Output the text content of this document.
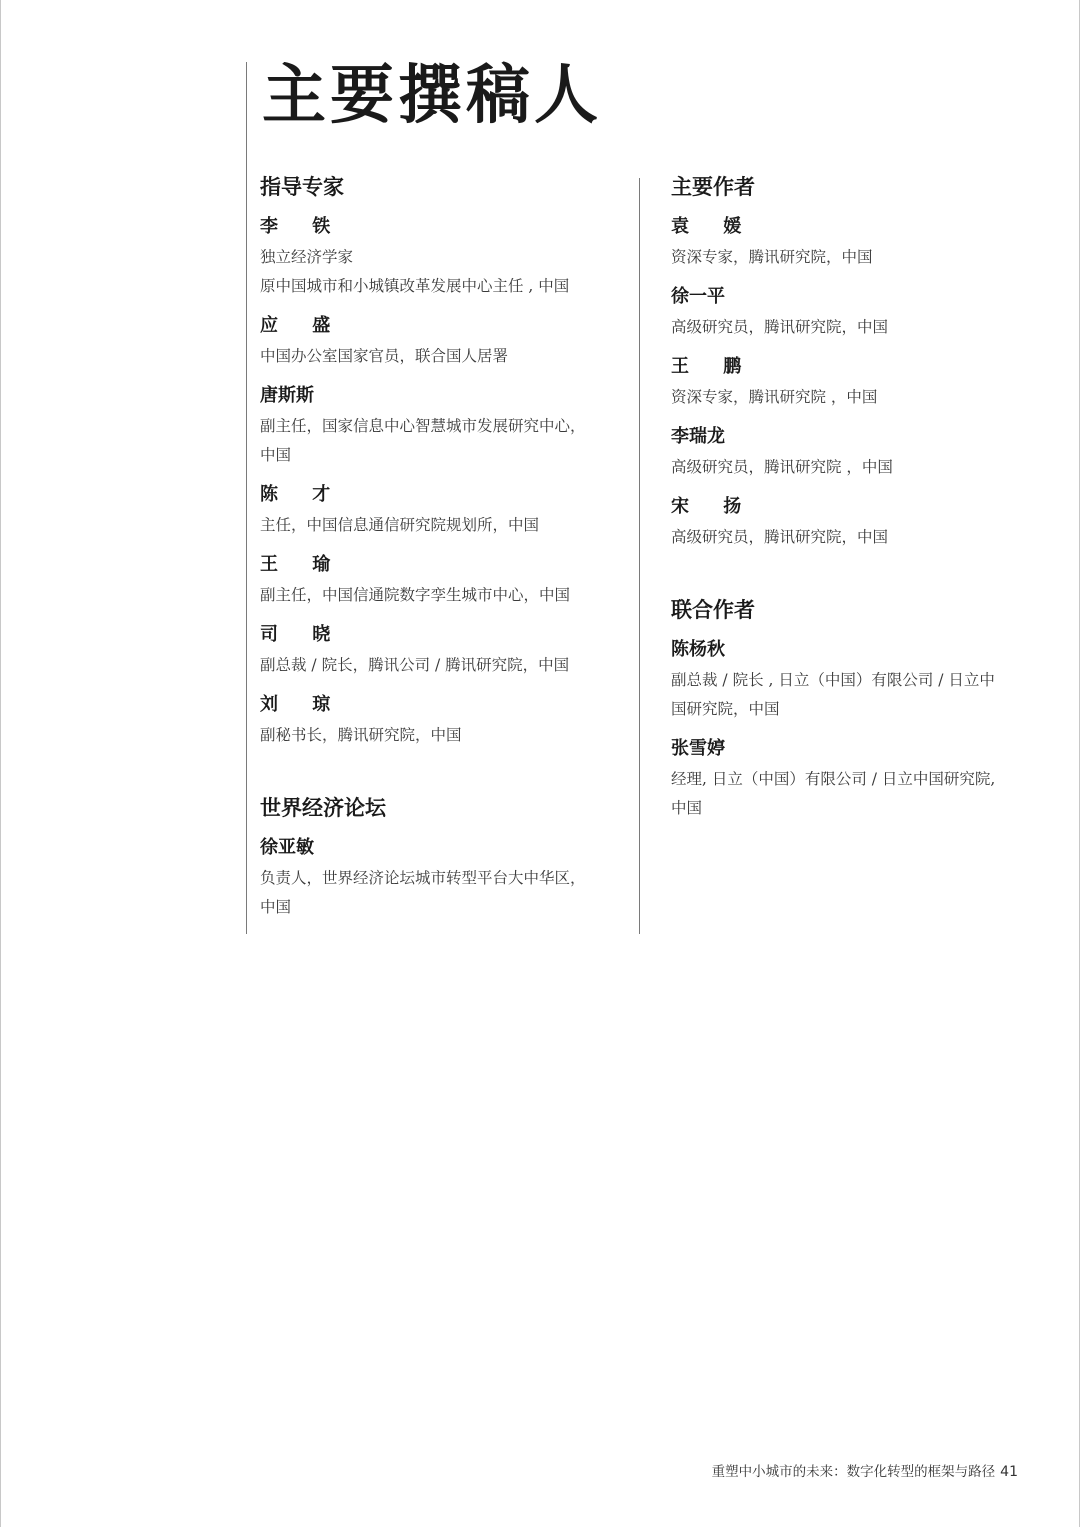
主要撰稿人
指导专家
李 铁
独立经济学家
原中国城市和小城镇改革发展中心主任 , 中国
应 盛
中国办公室国家官员，联合国人居署
唐斯斯
副主任，国家信息中心智慧城市发展研究中心，
中国
陈 才
主任，中国信息通信研究院规划所，中国
王 瑜
副主任，中国信通院数字孪生城市中心，中国
司 晓
副总裁 / 院长，腾讯公司 / 腾讯研究院，中国
刘 琼
副秘书长，腾讯研究院，中国
世界经济论坛
徐亚敏
负责人，世界经济论坛城市转型平台大中华区，
中国
主要作者
袁 媛
资深专家，腾讯研究院，中国
徐一平
高级研究员，腾讯研究院，中国
王 鹏
资深专家，腾讯研究院 ，中国
李瑞龙
高级研究员，腾讯研究院 ，中国
宋 扬
高级研究员，腾讯研究院，中国
联合作者
陈杨秋
副总裁 / 院长 , 日立（中国）有限公司 / 日立中
国研究院，中国
张雪婷
经理, 日立（中国）有限公司 / 日立中国研究院,
中国
重塑中小城市的未来：数字化转型的框架与路径 41
